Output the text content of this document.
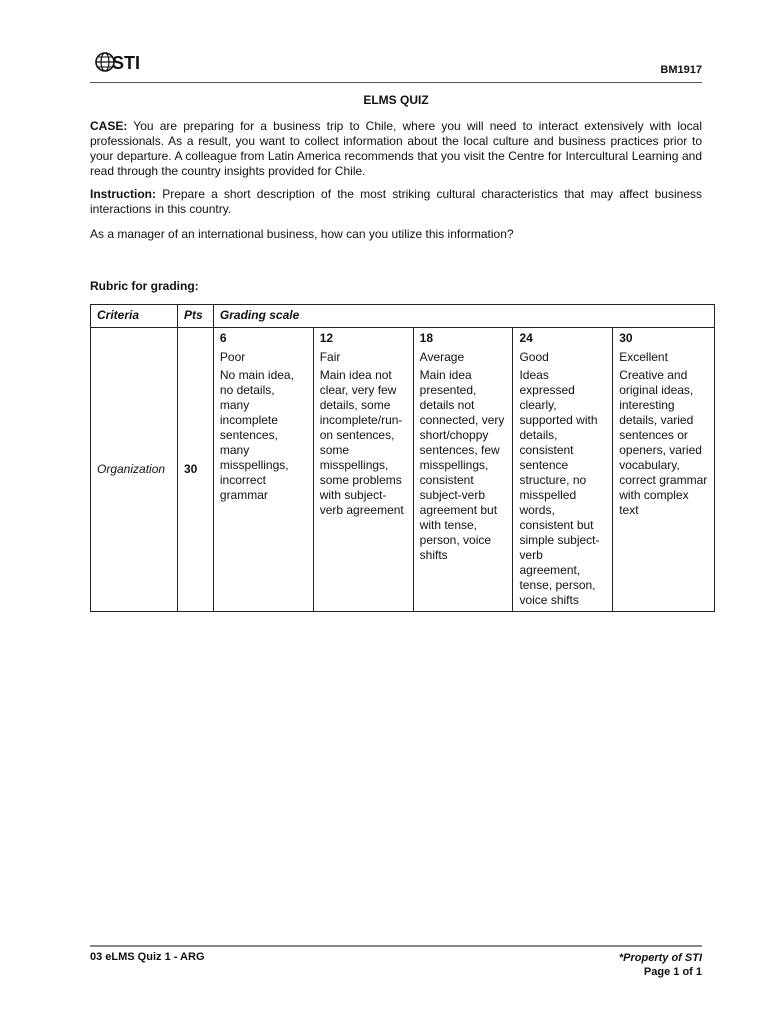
STI	BM1917
ELMS QUIZ
CASE: You are preparing for a business trip to Chile, where you will need to interact extensively with local professionals. As a result, you want to collect information about the local culture and business practices prior to your departure. A colleague from Latin America recommends that you visit the Centre for Intercultural Learning and read through the country insights provided for Chile.
Instruction: Prepare a short description of the most striking cultural characteristics that may affect business interactions in this country.
As a manager of an international business, how can you utilize this information?
Rubric for grading:
Criteria	Pts	Grading scale				
Organization	30	6
Poor
No main idea, no details, many incomplete sentences, many misspellings, incorrect grammar	12
Fair
Main idea not clear, very few details, some incomplete/run-on sentences, some misspellings, some problems with subject-verb agreement	18
Average
Main idea presented, details not connected, very short/choppy sentences, few misspellings, consistent subject-verb agreement but with tense, person, voice shifts	24
Good
Ideas expressed clearly, supported with details, consistent sentence structure, no misspelled words, consistent but simple subject-verb agreement, tense, person, voice shifts	30
Excellent
Creative and original ideas, interesting details, varied sentences or openers, varied vocabulary, correct grammar with complex text
03 eLMS Quiz 1 - ARG	*Property of STI
Page 1 of 1
